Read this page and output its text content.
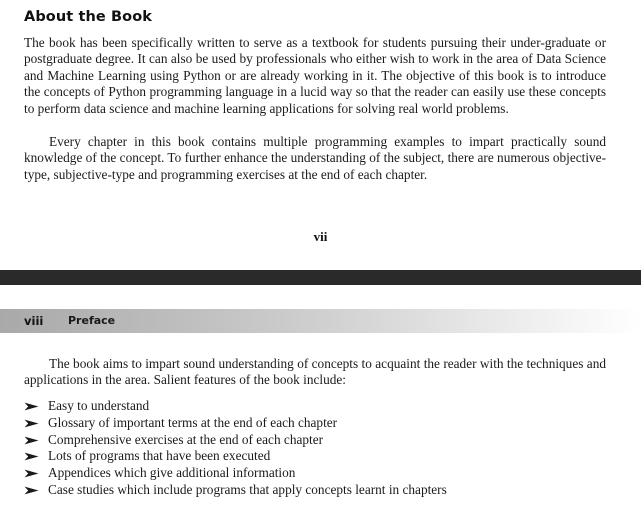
About the Book

The book has been specifically written to serve as a textbook for students pursuing their under-graduate or postgraduate degree. It can also be used by professionals who either wish to work in the area of Data Science and Machine Learning using Python or are already working in it. The objective of this book is to introduce the concepts of Python programming language in a lucid way so that the reader can easily use these concepts to perform data science and machine learning applications for solving real world problems.

Every chapter in this book contains multiple programming examples to impart practically sound knowledge of the concept. To further enhance the understanding of the subject, there are numerous objective-type, subjective-type and programming exercises at the end of each chapter.

vii
viii Preface

The book aims to impart sound understanding of concepts to acquaint the reader with the techniques and applications in the area. Salient features of the book include:

Easy to understand
Glossary of important terms at the end of each chapter
Comprehensive exercises at the end of each chapter
Lots of programs that have been executed
Appendices which give additional information
Case studies which include programs that apply concepts learnt in chapters
